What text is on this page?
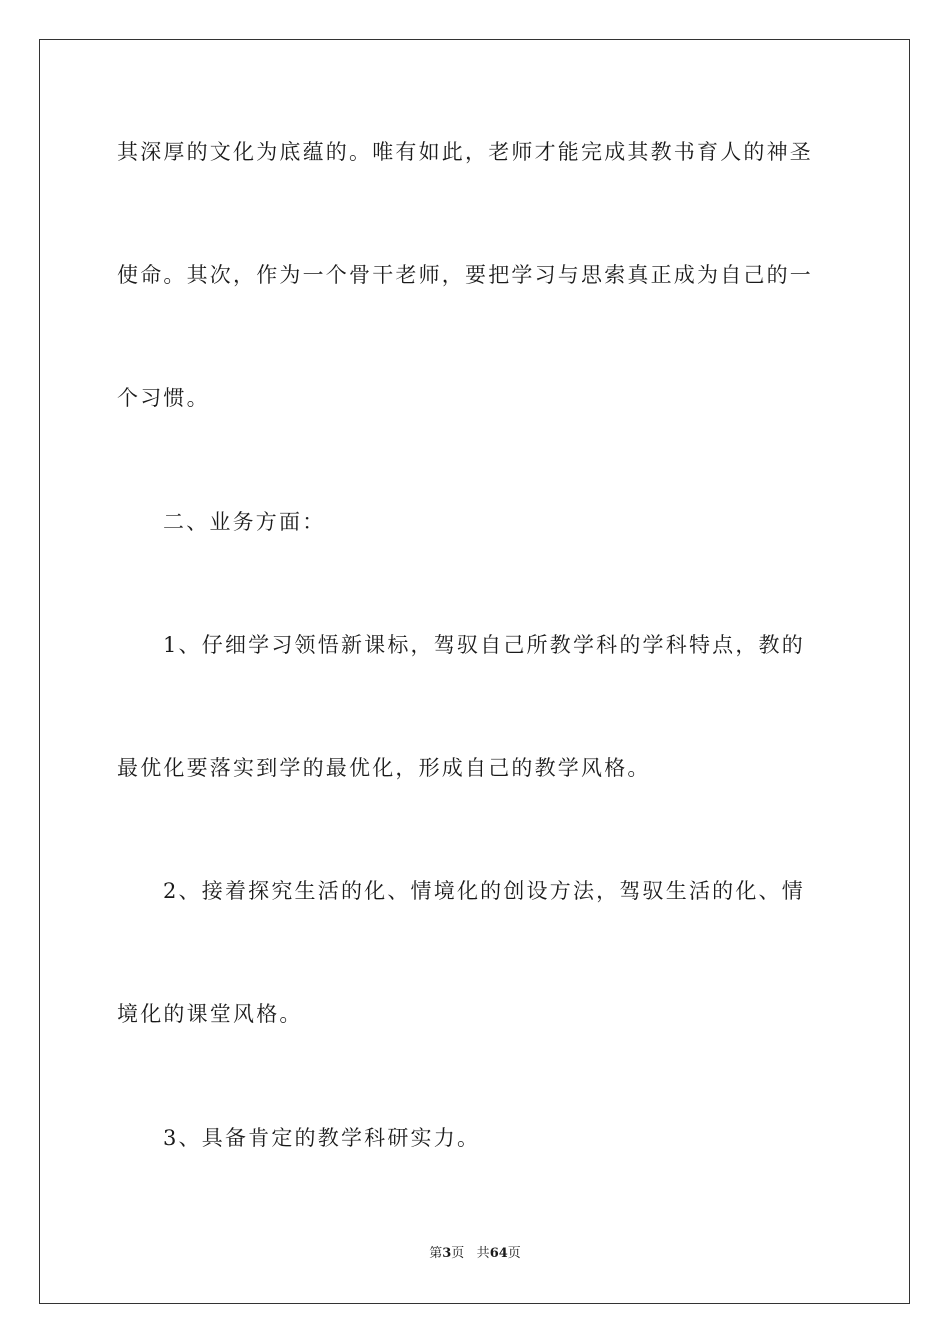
其深厚的文化为底蕴的。唯有如此，老师才能完成其教书育人的神圣
使命。其次，作为一个骨干老师，要把学习与思索真正成为自己的一
个习惯。
二、业务方面：
1、仔细学习领悟新课标，驾驭自己所教学科的学科特点，教的
最优化要落实到学的最优化，形成自己的教学风格。
2、接着探究生活的化、情境化的创设方法，驾驭生活的化、情
境化的课堂风格。
3、具备肯定的教学科研实力。
第3页 共64页
